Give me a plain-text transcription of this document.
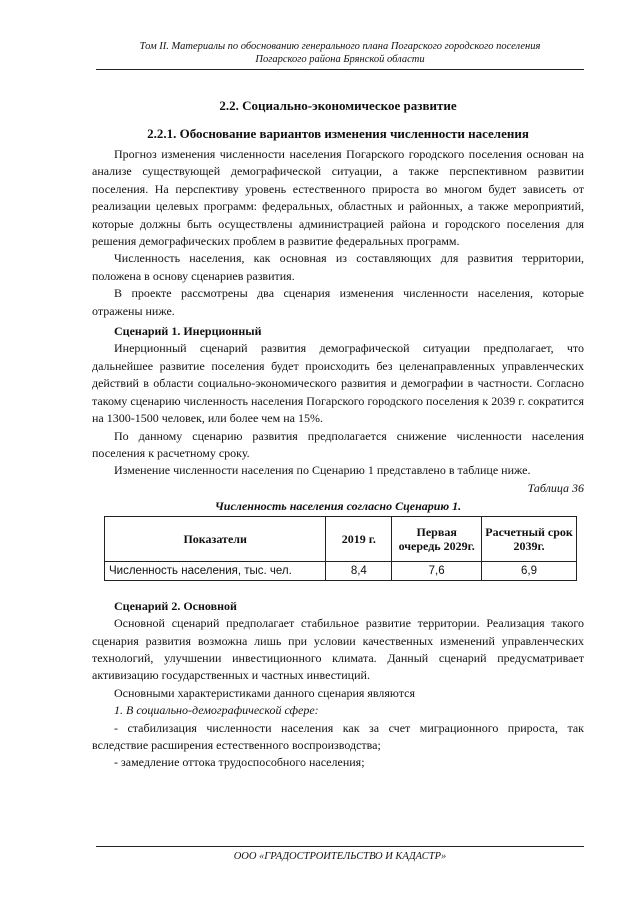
Том II. Материалы по обоснованию генерального плана Погарского городского поселения
Погарского района Брянской области
2.2. Социально-экономическое развитие
2.2.1. Обоснование вариантов изменения численности населения

Прогноз изменения численности населения Погарского городского поселения основан на анализе существующей демографической ситуации, а также перспективном развитии поселения. На перспективу уровень естественного прироста во многом будет зависеть от реализации целевых программ: федеральных, областных и районных, а также мероприятий, которые должны быть осуществлены администрацией района и городского поселения для решения демографических проблем в развитие федеральных программ.

Численность населения, как основная из составляющих для развития территории, положена в основу сценариев развития.

В проекте рассмотрены два сценария изменения численности населения, которые отражены ниже.

Сценарий 1. Инерционный

Инерционный сценарий развития демографической ситуации предполагает, что дальнейшее развитие поселения будет происходить без целенаправленных управленческих действий в области социально-экономического развития и демографии в частности. Согласно такому сценарию численность населения Погарского городского поселения к 2039 г. сократится на 1300-1500 человек, или более чем на 15%.

По данному сценарию развития предполагается снижение численности населения поселения к расчетному сроку.

Изменение численности населения по Сценарию 1 представлено в таблице ниже.

Таблица 36
Численность населения согласно Сценарию 1.
Показатели	2019 г.	Первая очередь 2029г.	Расчетный срок 2039г.
Численность населения, тыс. чел.	8,4	7,6	6,9

Сценарий 2. Основной

Основной сценарий предполагает стабильное развитие территории. Реализация такого сценария развития возможна лишь при условии качественных изменений управленческих технологий, улучшении инвестиционного климата. Данный сценарий предусматривает активизацию государственных и частных инвестиций.

Основными характеристиками данного сценария являются

1. В социально-демографической сфере:

- стабилизация численности населения как за счет миграционного прироста, так вследствие расширения естественного воспроизводства;

- замедление оттока трудоспособного населения;

ООО «ГРАДОСТРОИТЕЛЬСТВО И КАДАСТР»
